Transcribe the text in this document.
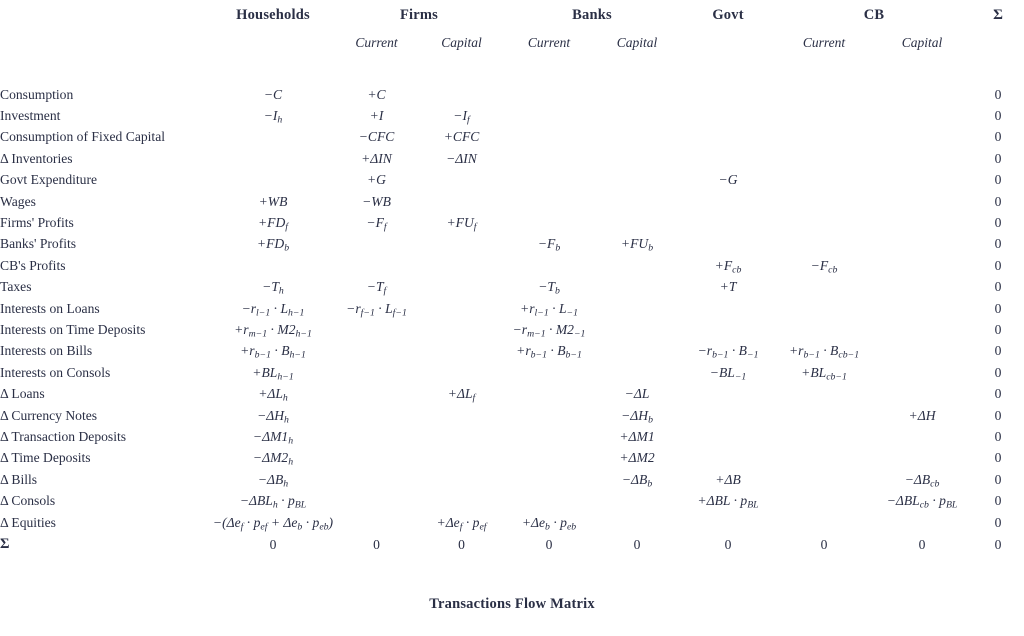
	Households	Firms		Banks		Govt	CB		Σ
		Current	Capital	Current	Capital		Current	Capital	

Consumption	−C	+C							0
Investment	$-I_h$	+I	$-I_f$						0
Consumption of Fixed Capital		−CFC	+CFC						0
Δ Inventories		+ΔIN	−ΔIN						0
Govt Expenditure		+G				−G			0
Wages	+WB	−WB							0
Firms' Profits	$+FD_f$	$-F_f$	$+FU_f$						0
Banks' Profits	$+FD_b$			$-F_b$	$+FU_b$				0
CB's Profits						$+F_{cb}$	$-F_{cb}$		0
Taxes	$-T_h$	$-T_f$		$-T_b$		+T			0
Interests on Loans	$-r_{l-1} \cdot L_{h-1}$	$-r_{f-1} \cdot L_{f-1}$		$+r_{l-1} \cdot L_{-1}$					0
Interests on Time Deposits	$+r_{m-1} \cdot M2_{h-1}$			$-r_{m-1} \cdot M2_{-1}$					0
Interests on Bills	$+r_{b-1} \cdot B_{h-1}$			$+r_{b-1} \cdot B_{b-1}$		$-r_{b-1} \cdot B_{-1}$	$+r_{b-1} \cdot B_{cb-1}$		0
Interests on Consols	$+BL_{h-1}$					$-BL_{-1}$	$+BL_{cb-1}$		0
Δ Loans	$+\Delta L_h$		$+\Delta L_f$		−ΔL				0
Δ Currency Notes	$-\Delta H_h$				$-\Delta H_b$			+ΔH	0
Δ Transaction Deposits	$-\Delta M1_h$				+ΔM1				0
Δ Time Deposits	$-\Delta M2_h$				+ΔM2				0
Δ Bills	$-\Delta B_h$				$-\Delta B_b$	+ΔB		$-\Delta B_{cb}$	0
Δ Consols	$-\Delta BL_h \cdot p_{BL}$					$+\Delta BL \cdot p_{BL}$		$-\Delta BL_{cb} \cdot p_{BL}$	0
Δ Equities	$-(\Delta e_f \cdot p_{ef} + \Delta e_b \cdot p_{eb})$		$+\Delta e_f \cdot p_{ef}$	$+\Delta e_b \cdot p_{eb}$					0
Σ	0	0	0	0	0	0	0	0	0
Transactions Flow Matrix
